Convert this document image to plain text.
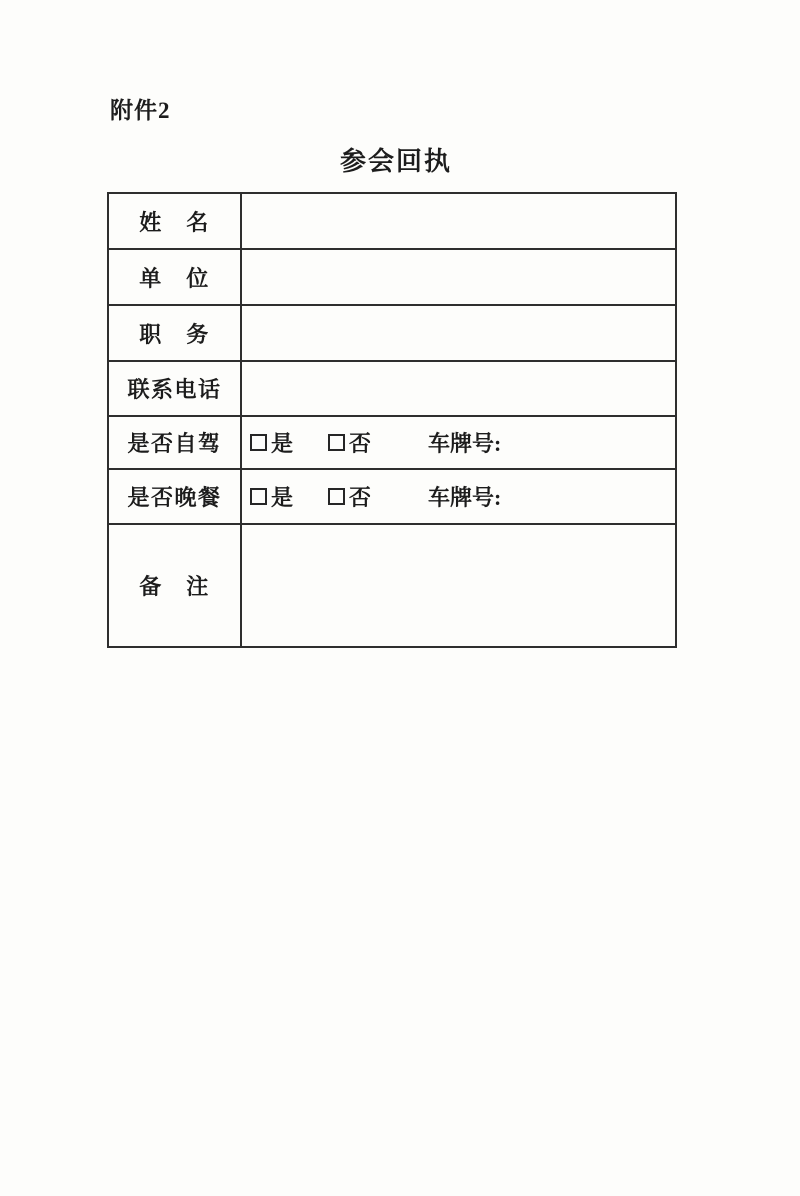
附件2
参会回执
姓　名
单　位
职　务
联系电话
是否自驾	是	否	车牌号:
是否晚餐	是	否	车牌号:
备　注
